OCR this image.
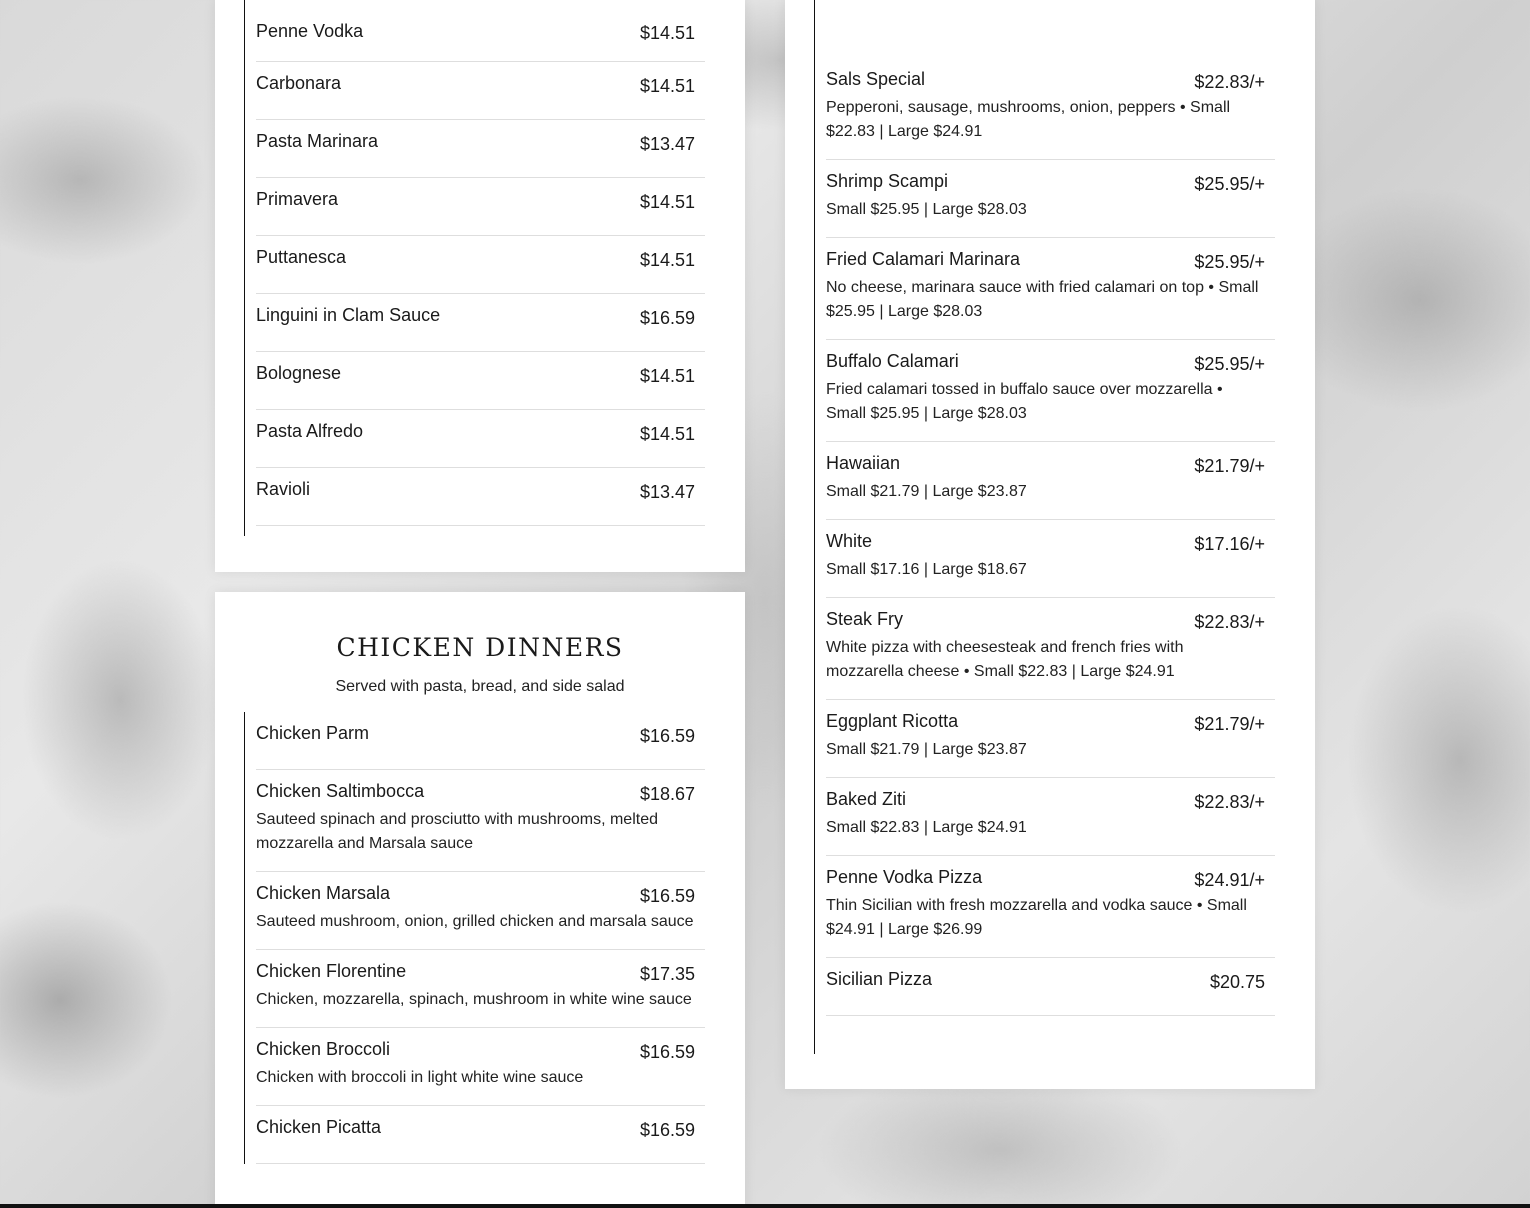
Penne Vodka	$14.51
Carbonara	$14.51
Pasta Marinara	$13.47
Primavera	$14.51
Puttanesca	$14.51
Linguini in Clam Sauce	$16.59
Bolognese	$14.51
Pasta Alfredo	$14.51
Ravioli	$13.47
CHICKEN DINNERS
Served with pasta, bread, and side salad
Chicken Parm	$16.59
Chicken Saltimbocca	$18.67
Sauteed spinach and prosciutto with mushrooms, melted mozzarella and Marsala sauce
Chicken Marsala	$16.59
Sauteed mushroom, onion, grilled chicken and marsala sauce
Chicken Florentine	$17.35
Chicken, mozzarella, spinach, mushroom in white wine sauce
Chicken Broccoli	$16.59
Chicken with broccoli in light white wine sauce
Chicken Picatta	$16.59
Sals Special	$22.83/+
Pepperoni, sausage, mushrooms, onion, peppers • Small $22.83 | Large $24.91
Shrimp Scampi	$25.95/+
Small $25.95 | Large $28.03
Fried Calamari Marinara	$25.95/+
No cheese, marinara sauce with fried calamari on top • Small $25.95 | Large $28.03
Buffalo Calamari	$25.95/+
Fried calamari tossed in buffalo sauce over mozzarella • Small $25.95 | Large $28.03
Hawaiian	$21.79/+
Small $21.79 | Large $23.87
White	$17.16/+
Small $17.16 | Large $18.67
Steak Fry	$22.83/+
White pizza with cheesesteak and french fries with mozzarella cheese • Small $22.83 | Large $24.91
Eggplant Ricotta	$21.79/+
Small $21.79 | Large $23.87
Baked Ziti	$22.83/+
Small $22.83 | Large $24.91
Penne Vodka Pizza	$24.91/+
Thin Sicilian with fresh mozzarella and vodka sauce • Small $24.91 | Large $26.99
Sicilian Pizza	$20.75
